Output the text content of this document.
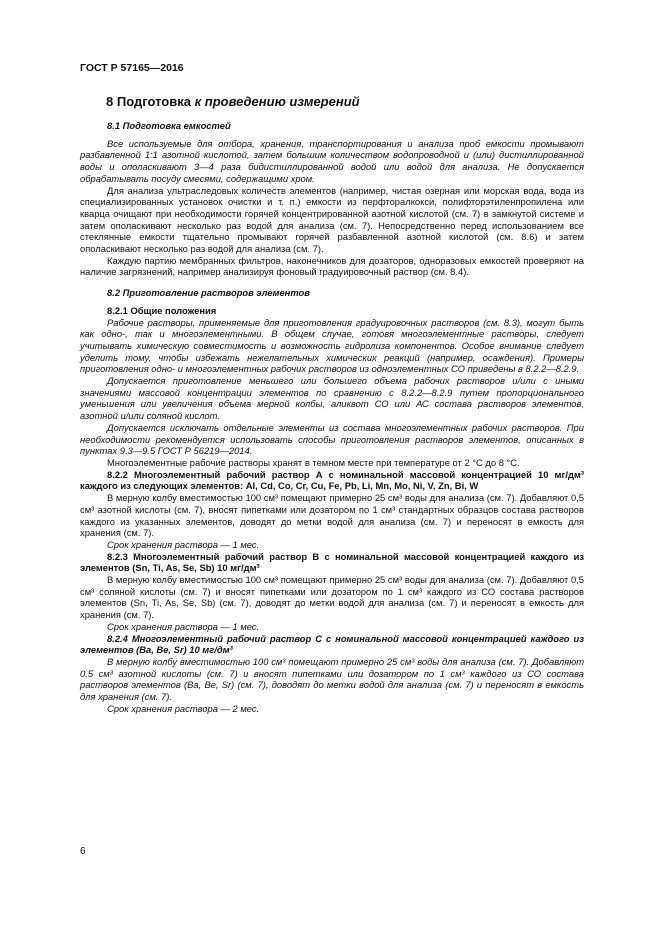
ГОСТ Р 57165—2016
8 Подготовка к проведению измерений

8.1 Подготовка емкостей

Все используемые для отбора, хранения, транспортирования и анализа проб емкости промывают разбавленной 1:1 азотной кислотой, затем большим количеством водопроводной и (или) дистиллированной воды и ополаскивают 3—4 раза бидистиллированной водой или водой для анализа. Не допускается обрабатывать посуду смесями, содержащими хром.

Для анализа ультраследовых количеств элементов (например, чистая озерная или морская вода, вода из специализированных установок очистки и т. п.) емкости из перфторалкокси, полифторэтиленпропилена или кварца очищают при необходимости горячей концентрированной азотной кислотой (см. 7) в замкнутой системе и затем ополаскивают несколько раз водой для анализа (см. 7). Непосредственно перед использованием все стеклянные емкости тщательно промывают горячей разбавленной азотной кислотой (см. 8.6) и затем ополаскивают несколько раз водой для анализа (см. 7).

Каждую партию мембранных фильтров, наконечников для дозаторов, одноразовых емкостей проверяют на наличие загрязнений, например анализируя фоновый градуировочный раствор (см. 8.4).

8.2 Приготовление растворов элементов

8.2.1 Общие положения

Рабочие растворы, применяемые для приготовления градуировочных растворов (см. 8.3), могут быть как одно-, так и многоэлементными. В общем случае, готовя многоэлементные растворы, следует учитывать химическую совместимость и возможность гидролиза компонентов. Особое внимание следует уделить тому, чтобы избежать нежелательных химических реакций (например, осаждения). Примеры приготовления одно- и многоэлементных рабочих растворов из одноэлементных СО приведены в 8.2.2—8.2.9.

Допускается приготовление меньшего или большего объема рабочих растворов и/или с иными значениями массовой концентрации элементов по сравнению с 8.2.2—8.2.9 путем пропорционального уменьшения или увеличения объема мерной колбы, аликвот СО или АС состава растворов элементов, азотной и/или соляной кислот.

Допускается исключать отдельные элементы из состава многоэлементных рабочих растворов. При необходимости рекомендуется использовать способы приготовления растворов элементов, описанных в пунктах 9.3—9.5 ГОСТ Р 56219—2014.

Многоэлементные рабочие растворы хранят в темном месте при температуре от 2 °С до 8 °С.

8.2.2 Многоэлементный рабочий раствор А с номинальной массовой концентрацией 10 мг/дм³ каждого из следующих элементов: Al, Cd, Co, Cr, Cu, Fe, Pb, Li, Mn, Mo, Ni, V, Zn, Bi, W

В мерную колбу вместимостью 100 см³ помещают примерно 25 см³ воды для анализа (см. 7). Добавляют 0,5 см³ азотной кислоты (см. 7), вносят пипетками или дозатором по 1 см³ стандартных образцов состава растворов каждого из указанных элементов, доводят до метки водой для анализа (см. 7) и переносят в емкость для хранения (см. 7).

Срок хранения раствора — 1 мес.

8.2.3 Многоэлементный рабочий раствор В с номинальной массовой концентрацией каждого из элементов (Sn, Ti, As, Se, Sb) 10 мг/дм³

В мерную колбу вместимостью 100 см³ помещают примерно 25 см³ воды для анализа (см. 7). Добавляют 0,5 см³ соляной кислоты (см. 7) и вносят пипетками или дозатором по 1 см³ каждого из СО состава растворов элементов (Sn, Ti, As, Se, Sb) (см. 7), доводят до метки водой для анализа (см. 7) и переносят в емкость для хранения (см. 7).

Срок хранения раствора — 1 мес.

8.2.4 Многоэлементный рабочий раствор С с номинальной массовой концентрацией каждого из элементов (Ba, Be, Sr) 10 мг/дм³

В мерную колбу вместимостью 100 см³ помещают примерно 25 см³ воды для анализа (см. 7). Добавляют 0,5 см³ азотной кислоты (см. 7) и вносят пипетками или дозатором по 1 см³ каждого из СО состава растворов элементов (Ba, Be, Sr) (см. 7), доводят до метки водой для анализа (см. 7) и переносят в емкость для хранения (см. 7).

Срок хранения раствора — 2 мес.

6
